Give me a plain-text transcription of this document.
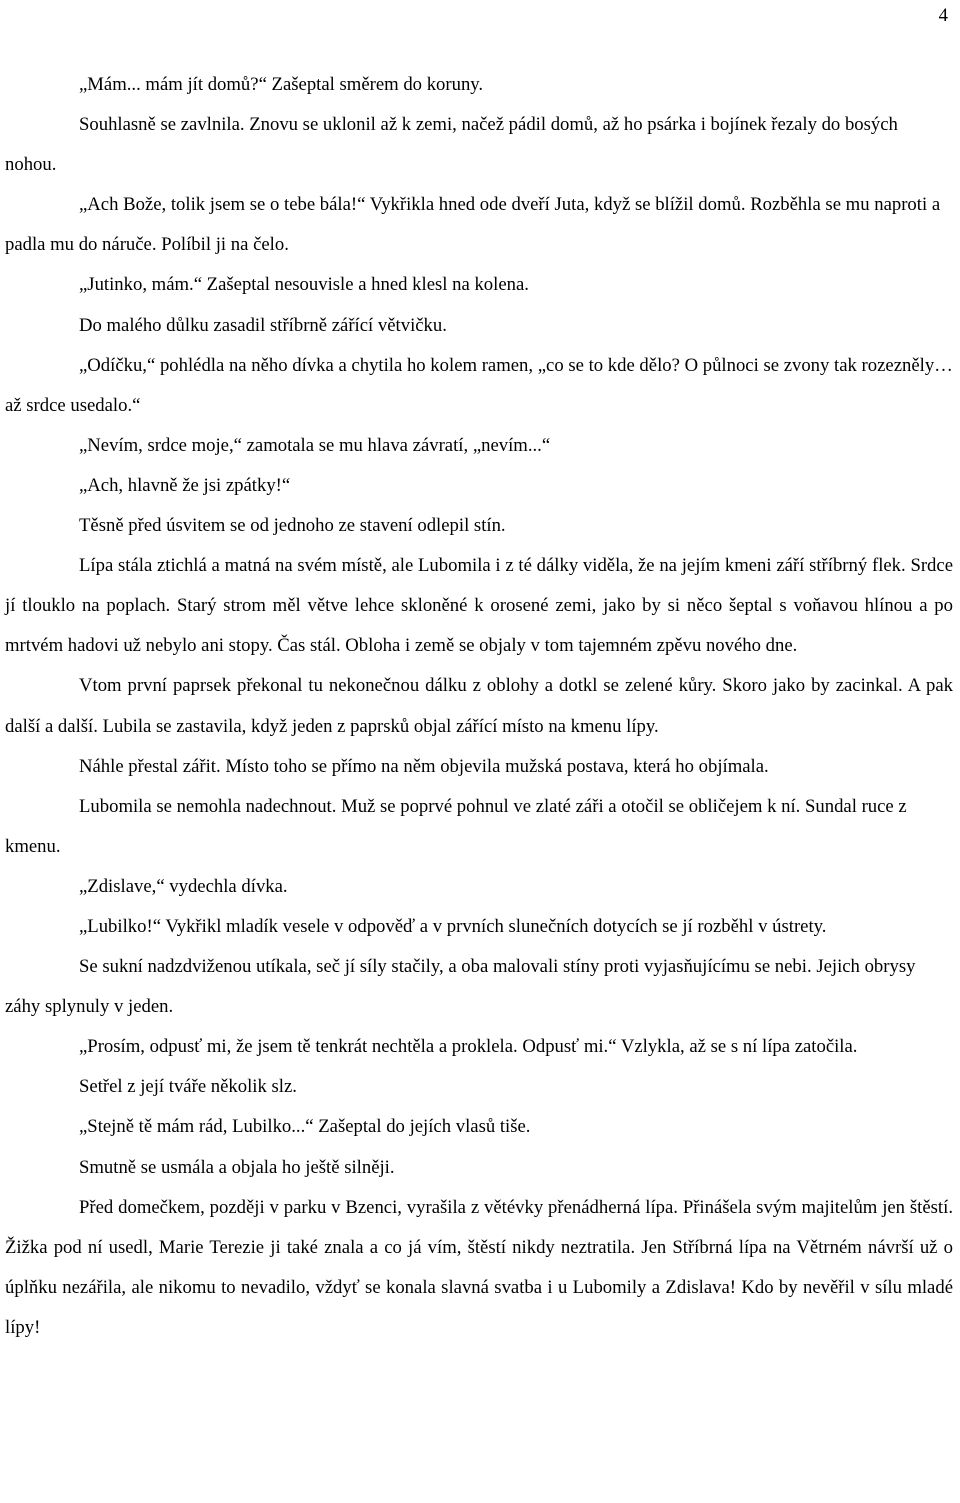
4

„Mám... mám jít domů?“ Zašeptal směrem do koruny.

Souhlasně se zavlnila. Znovu se uklonil až k zemi, načež pádil domů, až ho psárka i bojínek řezaly do bosých nohou.

„Ach Bože, tolik jsem se o tebe bála!“ Vykřikla hned ode dveří Juta, když se blížil domů. Rozběhla se mu naproti a padla mu do náruče. Políbil ji na čelo.

„Jutinko, mám.“ Zašeptal nesouvisle a hned klesl na kolena.

Do malého důlku zasadil stříbrně zářící větvičku.

„Odíčku,“ pohlédla na něho dívka a chytila ho kolem ramen, „co se to kde dělo? O půlnoci se zvony tak rozezněly… až srdce usedalo.“

„Nevím, srdce moje,“ zamotala se mu hlava závratí, „nevím...“

„Ach, hlavně že jsi zpátky!“

Těsně před úsvitem se od jednoho ze stavení odlepil stín.

Lípa stála ztichlá a matná na svém místě, ale Lubomila i z té dálky viděla, že na jejím kmeni září stříbrný flek. Srdce jí tlouklo na poplach. Starý strom měl větve lehce skloněné k orosené zemi, jako by si něco šeptal s voňavou hlínou a po mrtvém hadovi už nebylo ani stopy. Čas stál. Obloha i země se objaly v tom tajemném zpěvu nového dne.

Vtom první paprsek překonal tu nekonečnou dálku z oblohy a dotkl se zelené kůry. Skoro jako by zacinkal. A pak další a další. Lubila se zastavila, když jeden z paprsků objal zářící místo na kmenu lípy.

Náhle přestal zářit. Místo toho se přímo na něm objevila mužská postava, která ho objímala.

Lubomila se nemohla nadechnout. Muž se poprvé pohnul ve zlaté záři a otočil se obličejem k ní. Sundal ruce z kmenu.

„Zdislave,“ vydechla dívka.

„Lubilko!“ Vykřikl mladík vesele v odpověď a v prvních slunečních dotycích se jí rozběhl v ústrety.

Se sukní nadzdviženou utíkala, seč jí síly stačily, a oba malovali stíny proti vyjasňujícímu se nebi. Jejich obrysy záhy splynuly v jeden.

„Prosím, odpusť mi, že jsem tě tenkrát nechtěla a proklela. Odpusť mi.“ Vzlykla, až se s ní lípa zatočila.

Setřel z její tváře několik slz.

„Stejně tě mám rád, Lubilko...“ Zašeptal do jejích vlasů tiše.

Smutně se usmála a objala ho ještě silněji.

Před domečkem, později v parku v Bzenci, vyrašila z větévky přenádherná lípa. Přinášela svým majitelům jen štěstí. Žižka pod ní usedl, Marie Terezie ji také znala a co já vím, štěstí nikdy neztratila. Jen Stříbrná lípa na Větrném návrší už o úplňku nezářila, ale nikomu to nevadilo, vždyť se konala slavná svatba i u Lubomily a Zdislava! Kdo by nevěřil v sílu mladé lípy!
